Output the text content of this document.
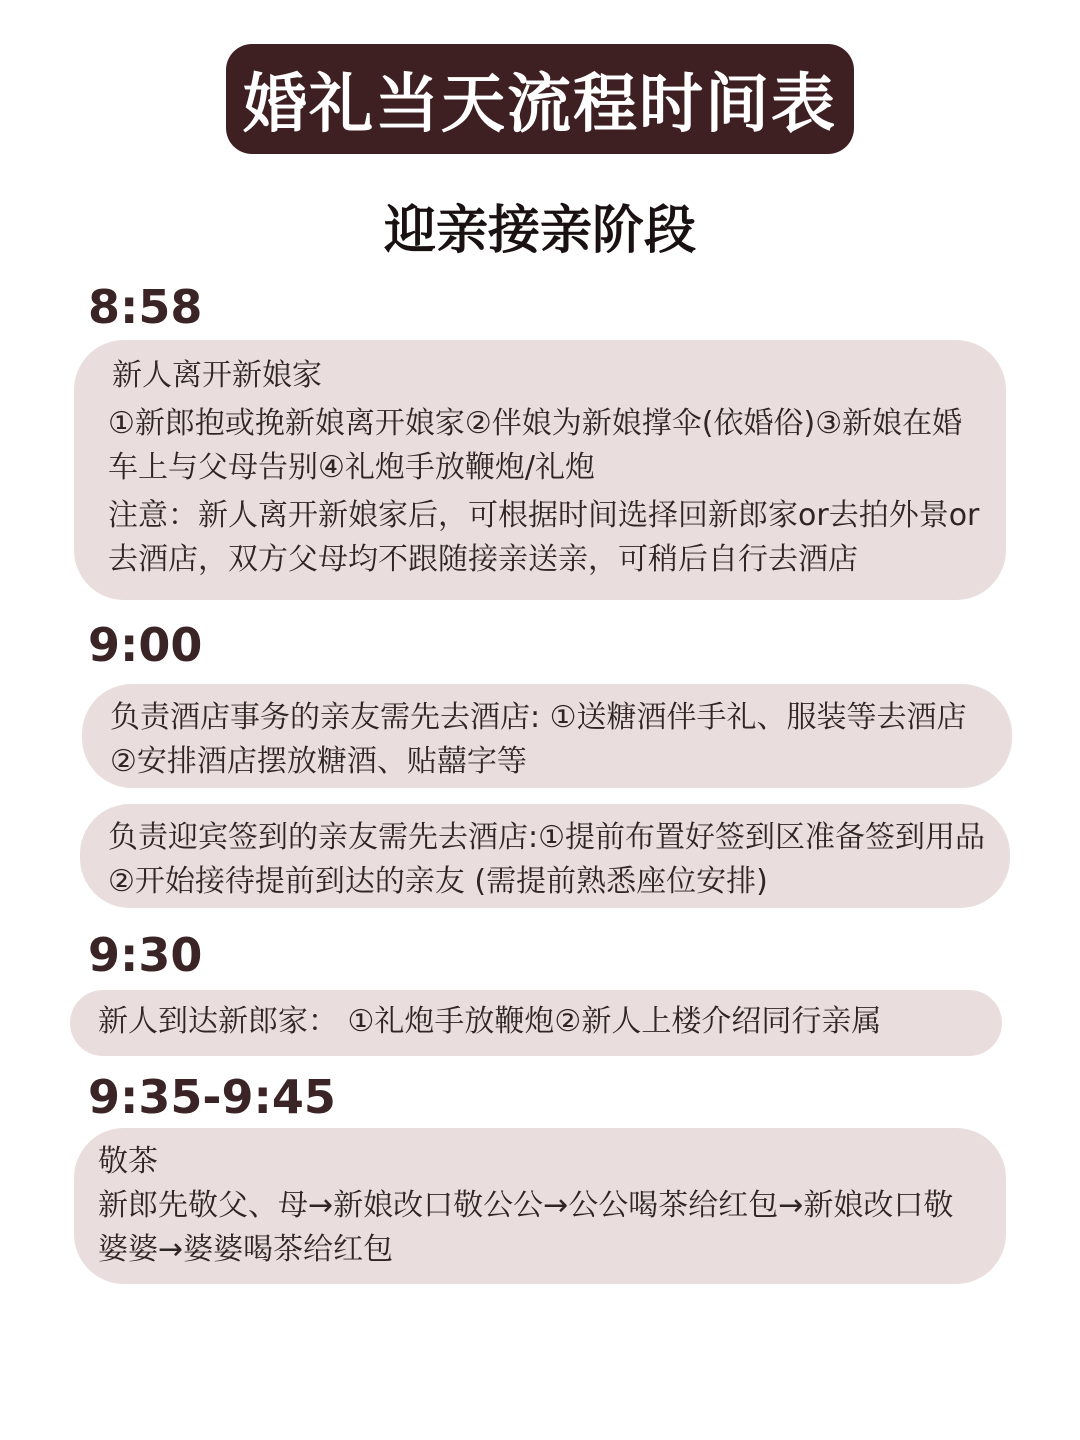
婚礼当天流程时间表
迎亲接亲阶段
8:58

新人离开新娘家

①新郎抱或挽新娘离开娘家②伴娘为新娘撑伞(依婚俗)③新娘在婚车上与父母告别④礼炮手放鞭炮/礼炮

注意：新人离开新娘家后，可根据时间选择回新郎家or去拍外景or去酒店，双方父母均不跟随接亲送亲，可稍后自行去酒店

9:00

负责酒店事务的亲友需先去酒店: ①送糖酒伴手礼、服装等去酒店 ②安排酒店摆放糖酒、贴囍字等

负责迎宾签到的亲友需先去酒店:①提前布置好签到区准备签到用品②开始接待提前到达的亲友 (需提前熟悉座位安排)

9:30

新人到达新郎家： ①礼炮手放鞭炮②新人上楼介绍同行亲属

9:35-9:45

敬茶

新郎先敬父、母→新娘改口敬公公→公公喝茶给红包→新娘改口敬婆婆→婆婆喝茶给红包
